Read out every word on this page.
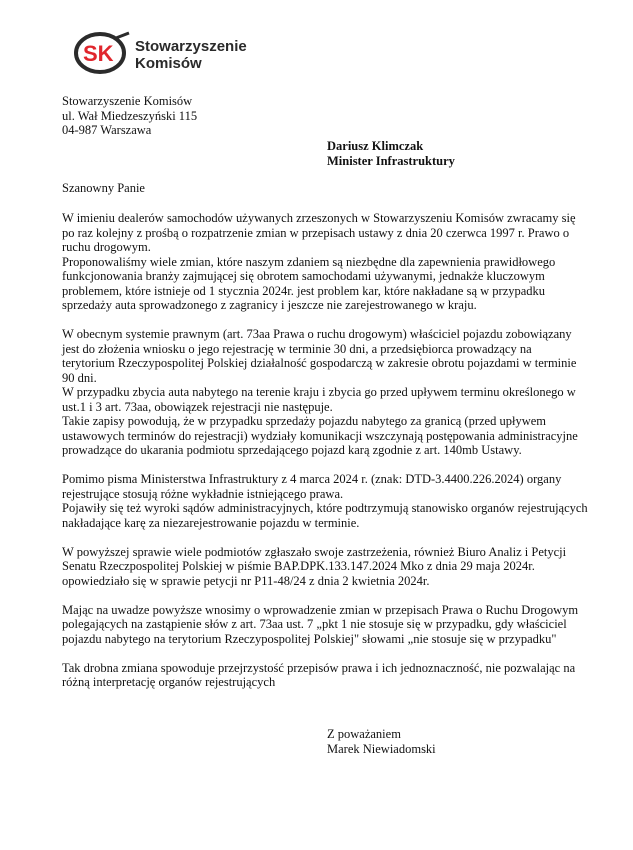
SK Stowarzyszenie
Komisów
Stowarzyszenie Komisów
ul. Wał Miedzeszyński 115
04-987 Warszawa
Dariusz Klimczak
Minister Infrastruktury
Szanowny Panie
W imieniu dealerów samochodów używanych zrzeszonych w Stowarzyszeniu Komisów zwracamy się
po raz kolejny z prośbą o rozpatrzenie zmian w przepisach ustawy z dnia 20 czerwca 1997 r. Prawo o
ruchu drogowym.
Proponowaliśmy wiele zmian, które naszym zdaniem są niezbędne dla zapewnienia prawidłowego
funkcjonowania branży zajmującej się obrotem samochodami używanymi, jednakże kluczowym
problemem, które istnieje od 1 stycznia 2024r. jest problem kar, które nakładane są w przypadku
sprzedaży auta sprowadzonego z zagranicy i jeszcze nie zarejestrowanego w kraju.
W obecnym systemie prawnym (art. 73aa Prawa o ruchu drogowym) właściciel pojazdu zobowiązany
jest do złożenia wniosku o jego rejestrację w terminie 30 dni, a przedsiębiorca prowadzący na
terytorium Rzeczypospolitej Polskiej działalność gospodarczą w zakresie obrotu pojazdami w terminie
90 dni.
W przypadku zbycia auta nabytego na terenie kraju i zbycia go przed upływem terminu określonego w
ust.1 i 3 art. 73aa, obowiązek rejestracji nie następuje.
Takie zapisy powodują, że w przypadku sprzedaży pojazdu nabytego za granicą (przed upływem
ustawowych terminów do rejestracji) wydziały komunikacji wszczynają postępowania administracyjne
prowadzące do ukarania podmiotu sprzedającego pojazd karą zgodnie z art. 140mb Ustawy.
Pomimo pisma Ministerstwa Infrastruktury z 4 marca 2024 r. (znak: DTD-3.4400.226.2024) organy
rejestrujące stosują różne wykładnie istniejącego prawa.
Pojawiły się też wyroki sądów administracyjnych, które podtrzymują stanowisko organów rejestrujących
nakładające karę za niezarejestrowanie pojazdu w terminie.
W powyższej sprawie wiele podmiotów zgłaszało swoje zastrzeżenia, również Biuro Analiz i Petycji
Senatu Rzeczpospolitej Polskiej w piśmie BAP.DPK.133.147.2024 Mko z dnia 29 maja 2024r.
opowiedziało się w sprawie petycji nr P11-48/24 z dnia 2 kwietnia 2024r.
Mając na uwadze powyższe wnosimy o wprowadzenie zmian w przepisach Prawa o Ruchu Drogowym
polegających na zastąpienie słów z art. 73aa ust. 7 „pkt 1 nie stosuje się w przypadku, gdy właściciel
pojazdu nabytego na terytorium Rzeczypospolitej Polskiej" słowami „nie stosuje się w przypadku"
Tak drobna zmiana spowoduje przejrzystość przepisów prawa i ich jednoznaczność, nie pozwalając na
różną interpretację organów rejestrujących
Z poważaniem
Marek Niewiadomski
